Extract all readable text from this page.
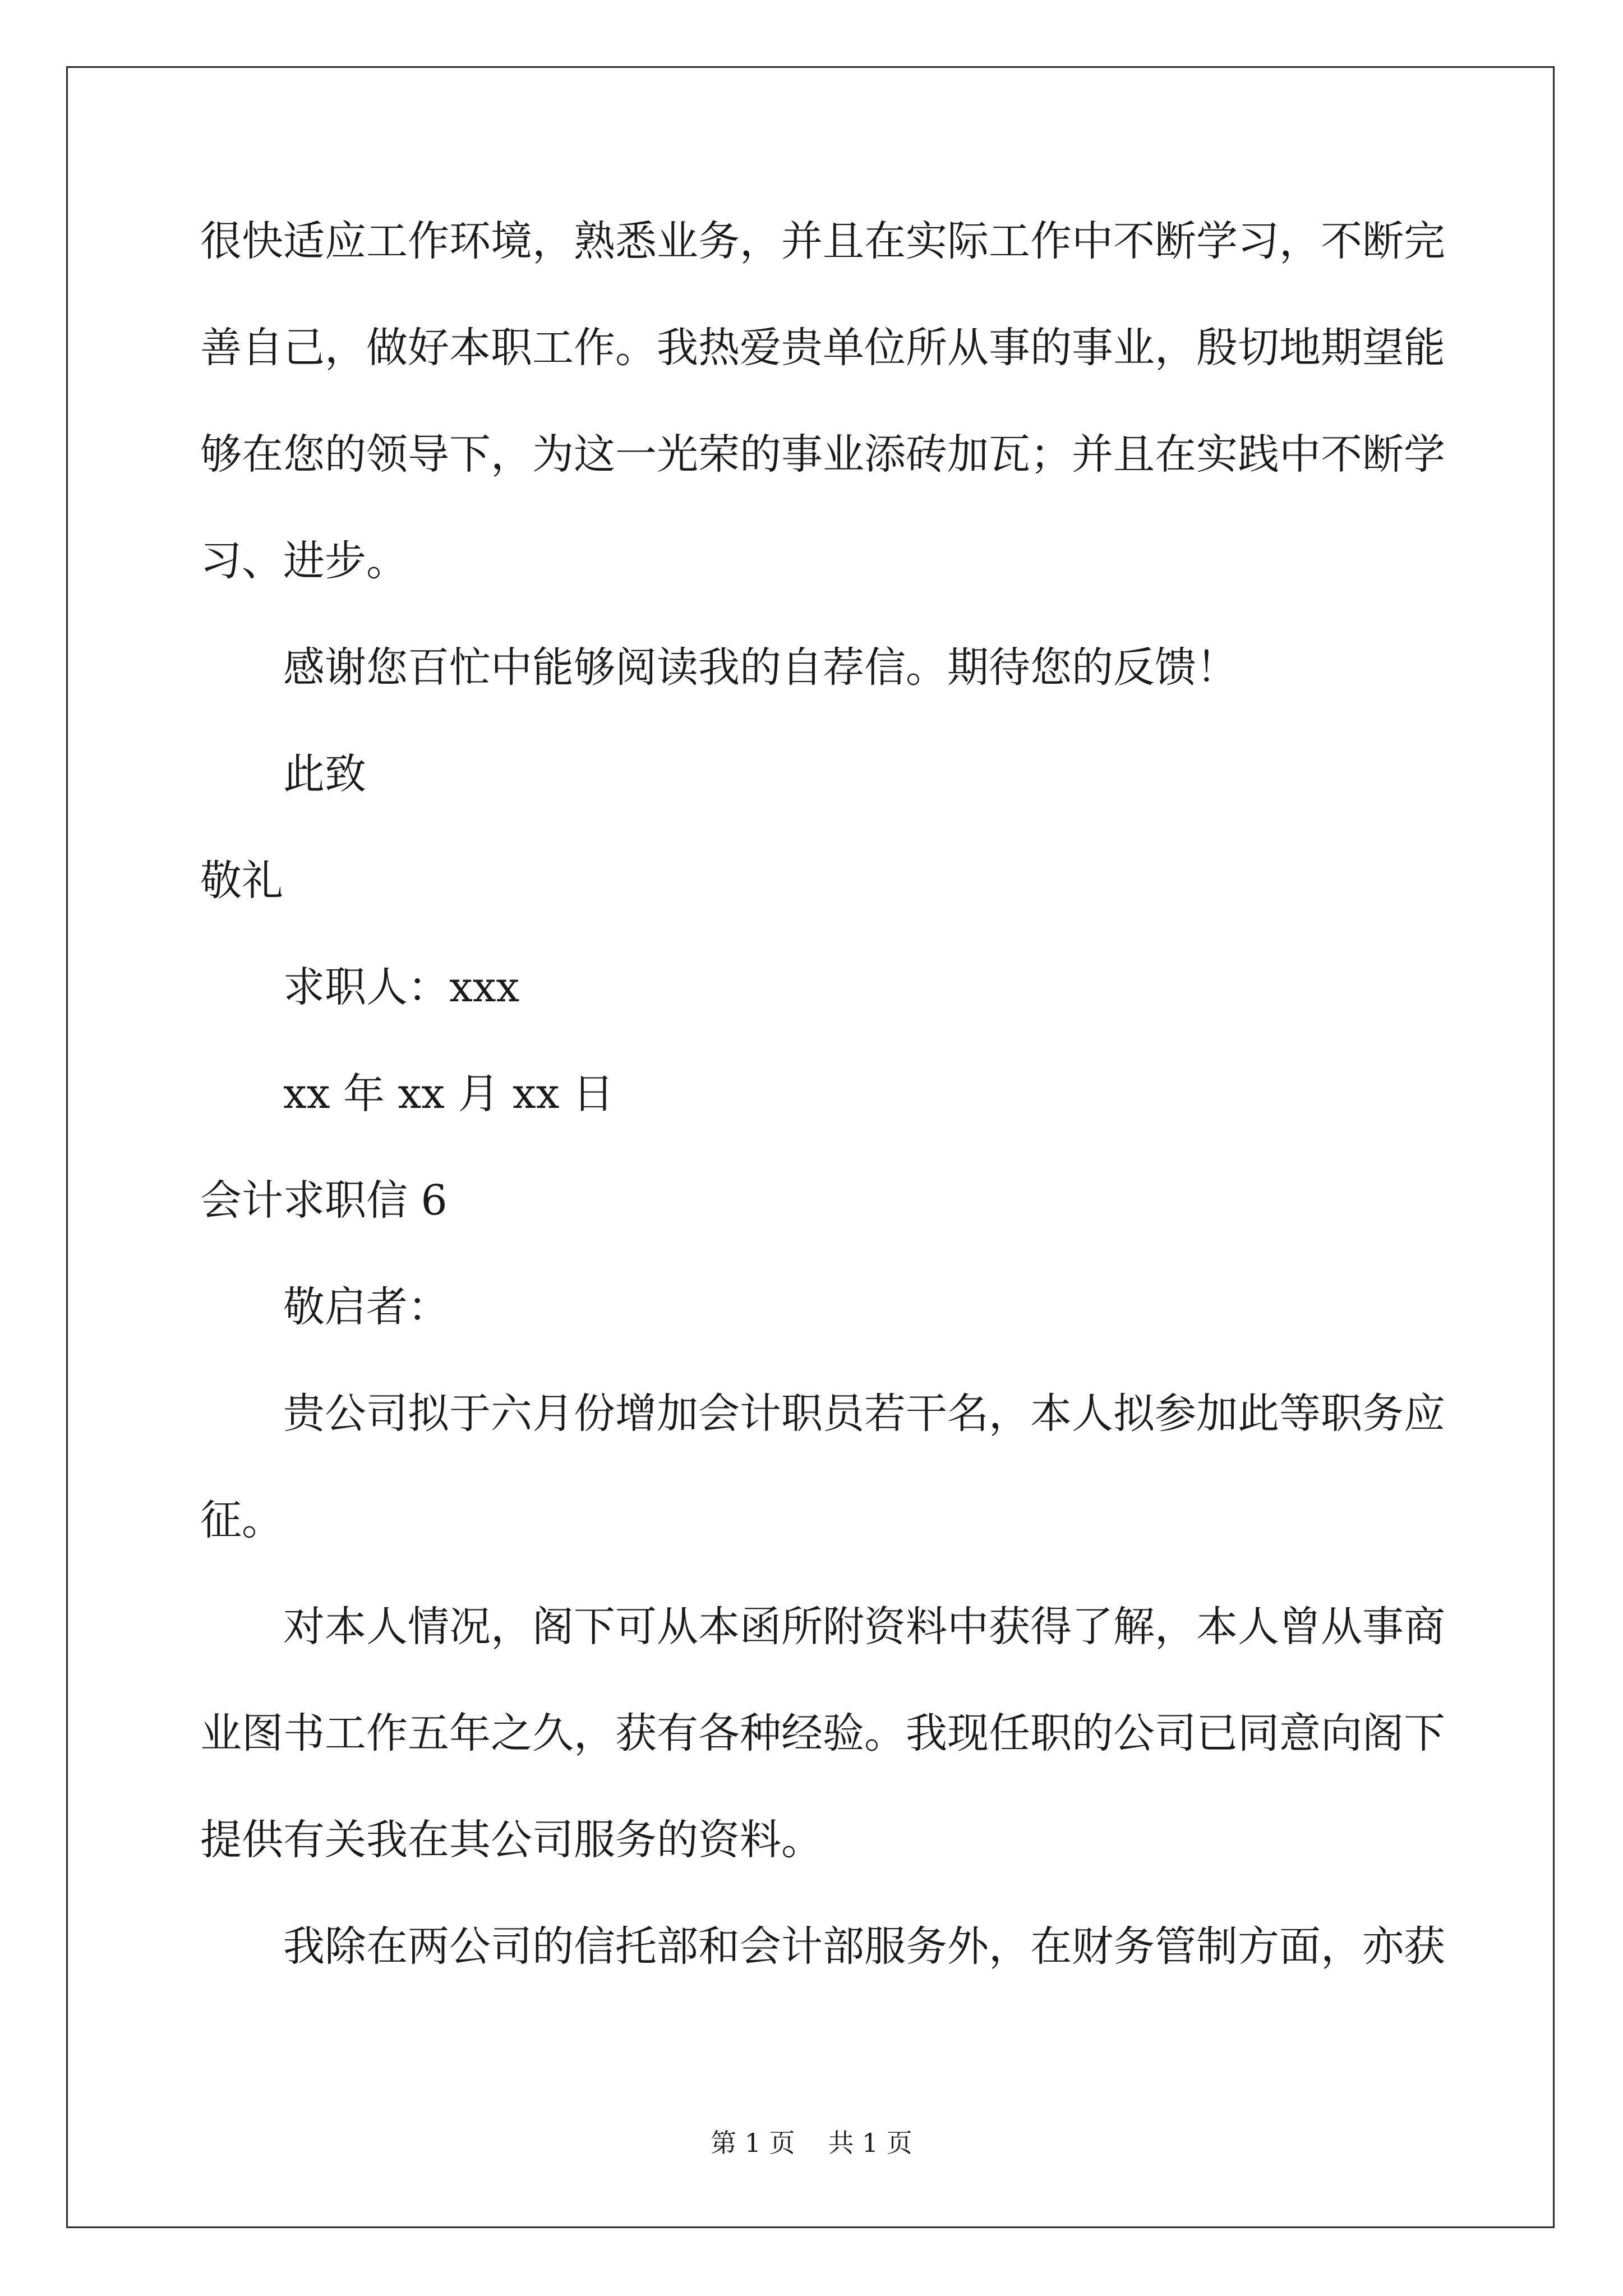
很快适应工作环境，熟悉业务，并且在实际工作中不断学习，不断完
善自己，做好本职工作。我热爱贵单位所从事的事业，殷切地期望能
够在您的领导下，为这一光荣的事业添砖加瓦；并且在实践中不断学
习、进步。
感谢您百忙中能够阅读我的自荐信。期待您的反馈！
此致
敬礼
求职人：xxx
xx 年 xx 月 xx 日
会计求职信 6
敬启者：
贵公司拟于六月份增加会计职员若干名，本人拟参加此等职务应
征。
对本人情况，阁下可从本函所附资料中获得了解，本人曾从事商
业图书工作五年之久，获有各种经验。我现任职的公司已同意向阁下
提供有关我在其公司服务的资料。
我除在两公司的信托部和会计部服务外，在财务管制方面，亦获
第 1 页 共 1 页
